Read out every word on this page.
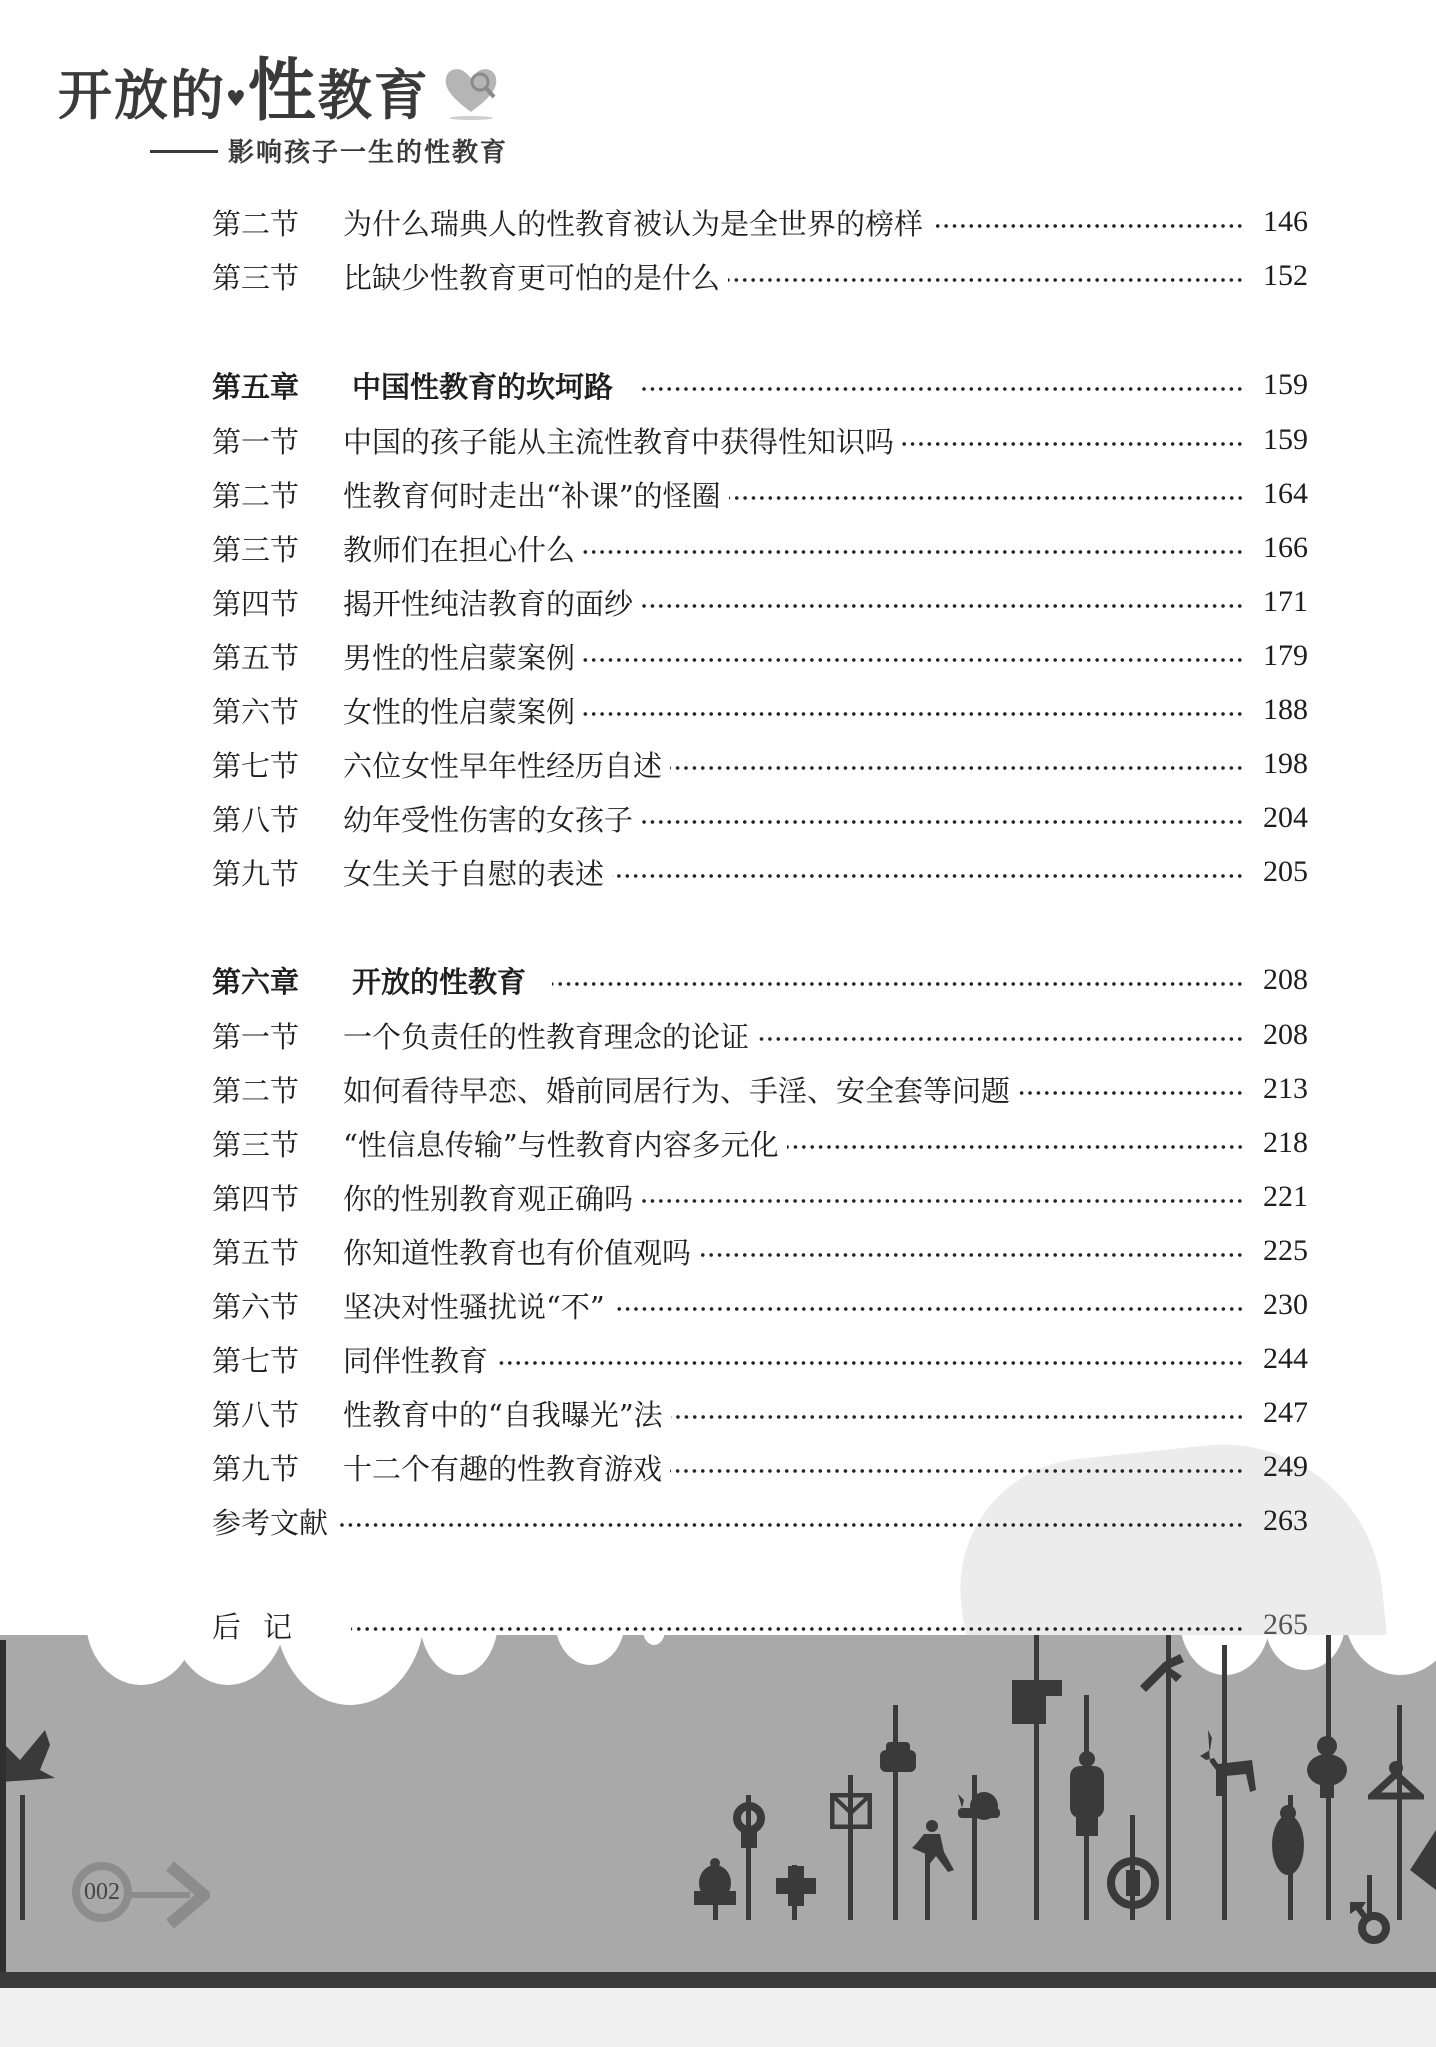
开放的♥性教育
影响孩子一生的性教育
第二节	为什么瑞典人的性教育被认为是全世界的榜样	146
第三节	比缺少性教育更可怕的是什么	152
第五章	中国性教育的坎坷路	159
第一节	中国的孩子能从主流性教育中获得性知识吗	159
第二节	性教育何时走出“补课”的怪圈	164
第三节	教师们在担心什么	166
第四节	揭开性纯洁教育的面纱	171
第五节	男性的性启蒙案例	179
第六节	女性的性启蒙案例	188
第七节	六位女性早年性经历自述	198
第八节	幼年受性伤害的女孩子	204
第九节	女生关于自慰的表述	205
第六章	开放的性教育	208
第一节	一个负责任的性教育理念的论证	208
第二节	如何看待早恋、婚前同居行为、手淫、安全套等问题	213
第三节	“性信息传输”与性教育内容多元化	218
第四节	你的性别教育观正确吗	221
第五节	你知道性教育也有价值观吗	225
第六节	坚决对性骚扰说“不”	230
第七节	同伴性教育	244
第八节	性教育中的“自我曝光”法	247
第九节	十二个有趣的性教育游戏	249
参考文献	263
002
后记	265
